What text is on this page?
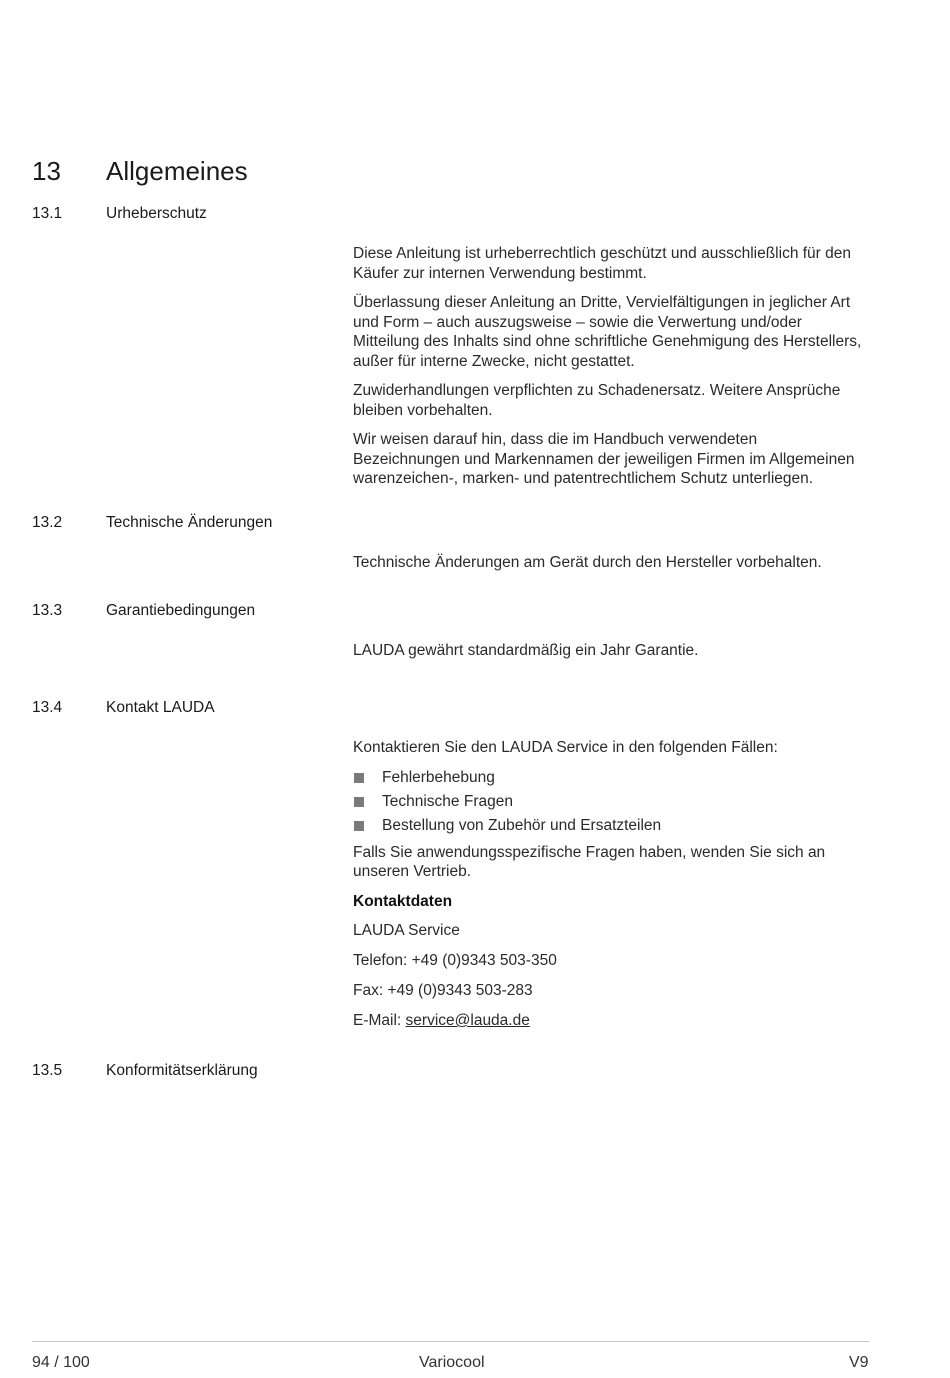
13 Allgemeines
13.1	Urheberschutz

Diese Anleitung ist urheberrechtlich geschützt und ausschließlich für den Käufer zur internen Verwendung bestimmt.

Überlassung dieser Anleitung an Dritte, Vervielfältigungen in jeglicher Art und Form – auch auszugsweise – sowie die Verwertung und/oder Mitteilung des Inhalts sind ohne schriftliche Genehmigung des Herstellers, außer für interne Zwecke, nicht gestattet.

Zuwiderhandlungen verpflichten zu Schadenersatz. Weitere Ansprüche bleiben vorbehalten.

Wir weisen darauf hin, dass die im Handbuch verwendeten Bezeichnungen und Markennamen der jeweiligen Firmen im Allgemeinen warenzeichen-, marken- und patentrechtlichem Schutz unterliegen.

13.2	Technische Änderungen

Technische Änderungen am Gerät durch den Hersteller vorbehalten.

13.3	Garantiebedingungen

LAUDA gewährt standardmäßig ein Jahr Garantie.

13.4	Kontakt LAUDA

Kontaktieren Sie den LAUDA Service in den folgenden Fällen:

Fehlerbehebung
Technische Fragen
Bestellung von Zubehör und Ersatzteilen

Falls Sie anwendungsspezifische Fragen haben, wenden Sie sich an unseren Vertrieb.

Kontaktdaten

LAUDA Service

Telefon: +49 (0)9343 503-350

Fax: +49 (0)9343 503-283

E-Mail: service@lauda.de

13.5	Konformitätserklärung
94 / 100	Variocool	V9
